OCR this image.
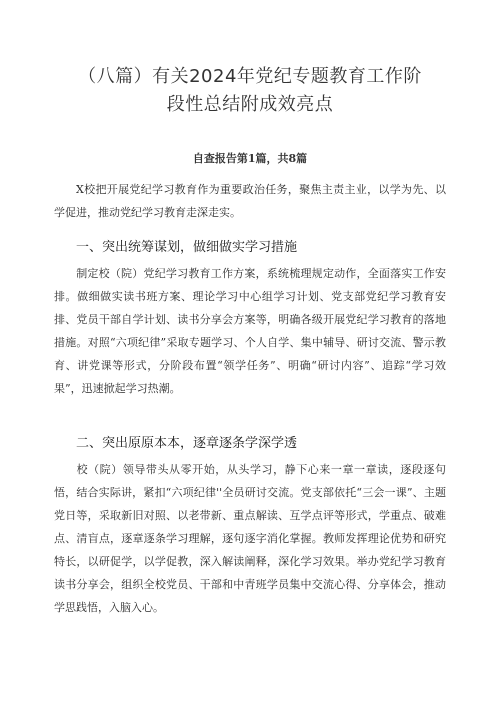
（八篇）有关2024年党纪专题教育工作阶
段性总结附成效亮点
自查报告第1篇，共8篇

X校把开展党纪学习教育作为重要政治任务，聚焦主责主业，以学为先、以学促进，推动党纪学习教育走深走实。

一、突出统筹谋划，做细做实学习措施

制定校（院）党纪学习教育工作方案，系统梳理规定动作，全面落实工作安排。做细做实读书班方案、理论学习中心组学习计划、党支部党纪学习教育安排、党员干部自学计划、读书分享会方案等，明确各级开展党纪学习教育的落地措施。对照“六项纪律”采取专题学习、个人自学、集中辅导、研讨交流、警示教育、讲党课等形式，分阶段布置“领学任务”、明确“研讨内容”、追踪“学习效果”，迅速掀起学习热潮。

二、突出原原本本，逐章逐条学深学透

校（院）领导带头从零开始，从头学习，静下心来一章一章读，逐段逐句悟，结合实际讲，紧扣“六项纪律''全员研讨交流。党支部依托“三会一课”、主题党日等，采取新旧对照、以老带新、重点解读、互学点评等形式，学重点、破难点、清盲点，逐章逐条学习理解，逐句逐字消化掌握。教师发挥理论优势和研究特长，以研促学，以学促教，深入解读阐释，深化学习效果。举办党纪学习教育读书分享会，组织全校党员、干部和中青班学员集中交流心得、分享体会，推动学思践悟，入脑入心。
